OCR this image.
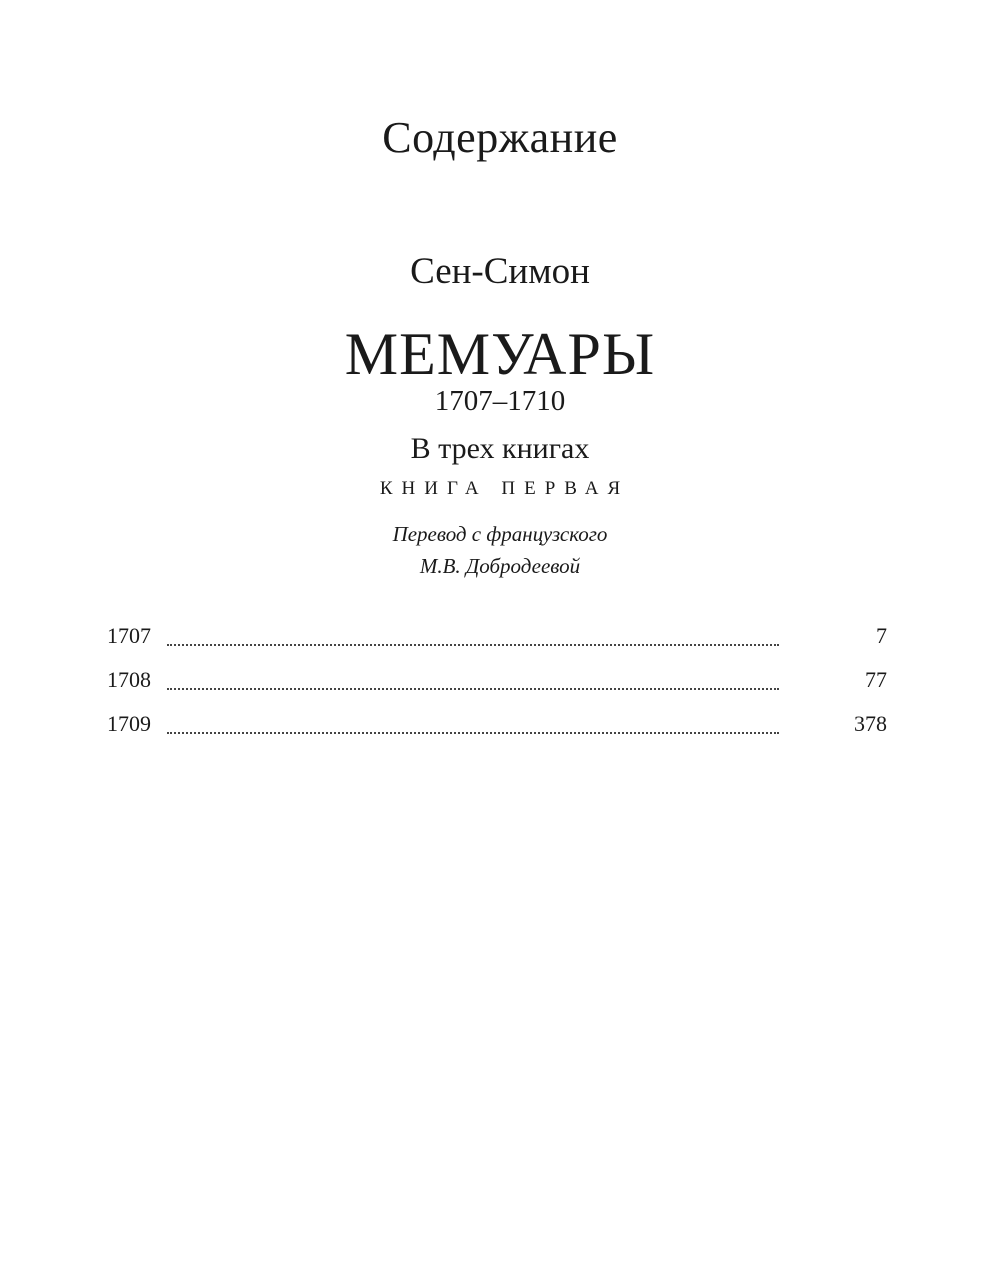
Содержание
Сен-Симон
МЕМУАРЫ
1707–1710
В трех книгах
КНИГА ПЕРВАЯ
Перевод с французского
М.В. Добродеевой
1707	7
1708	77
1709	378
